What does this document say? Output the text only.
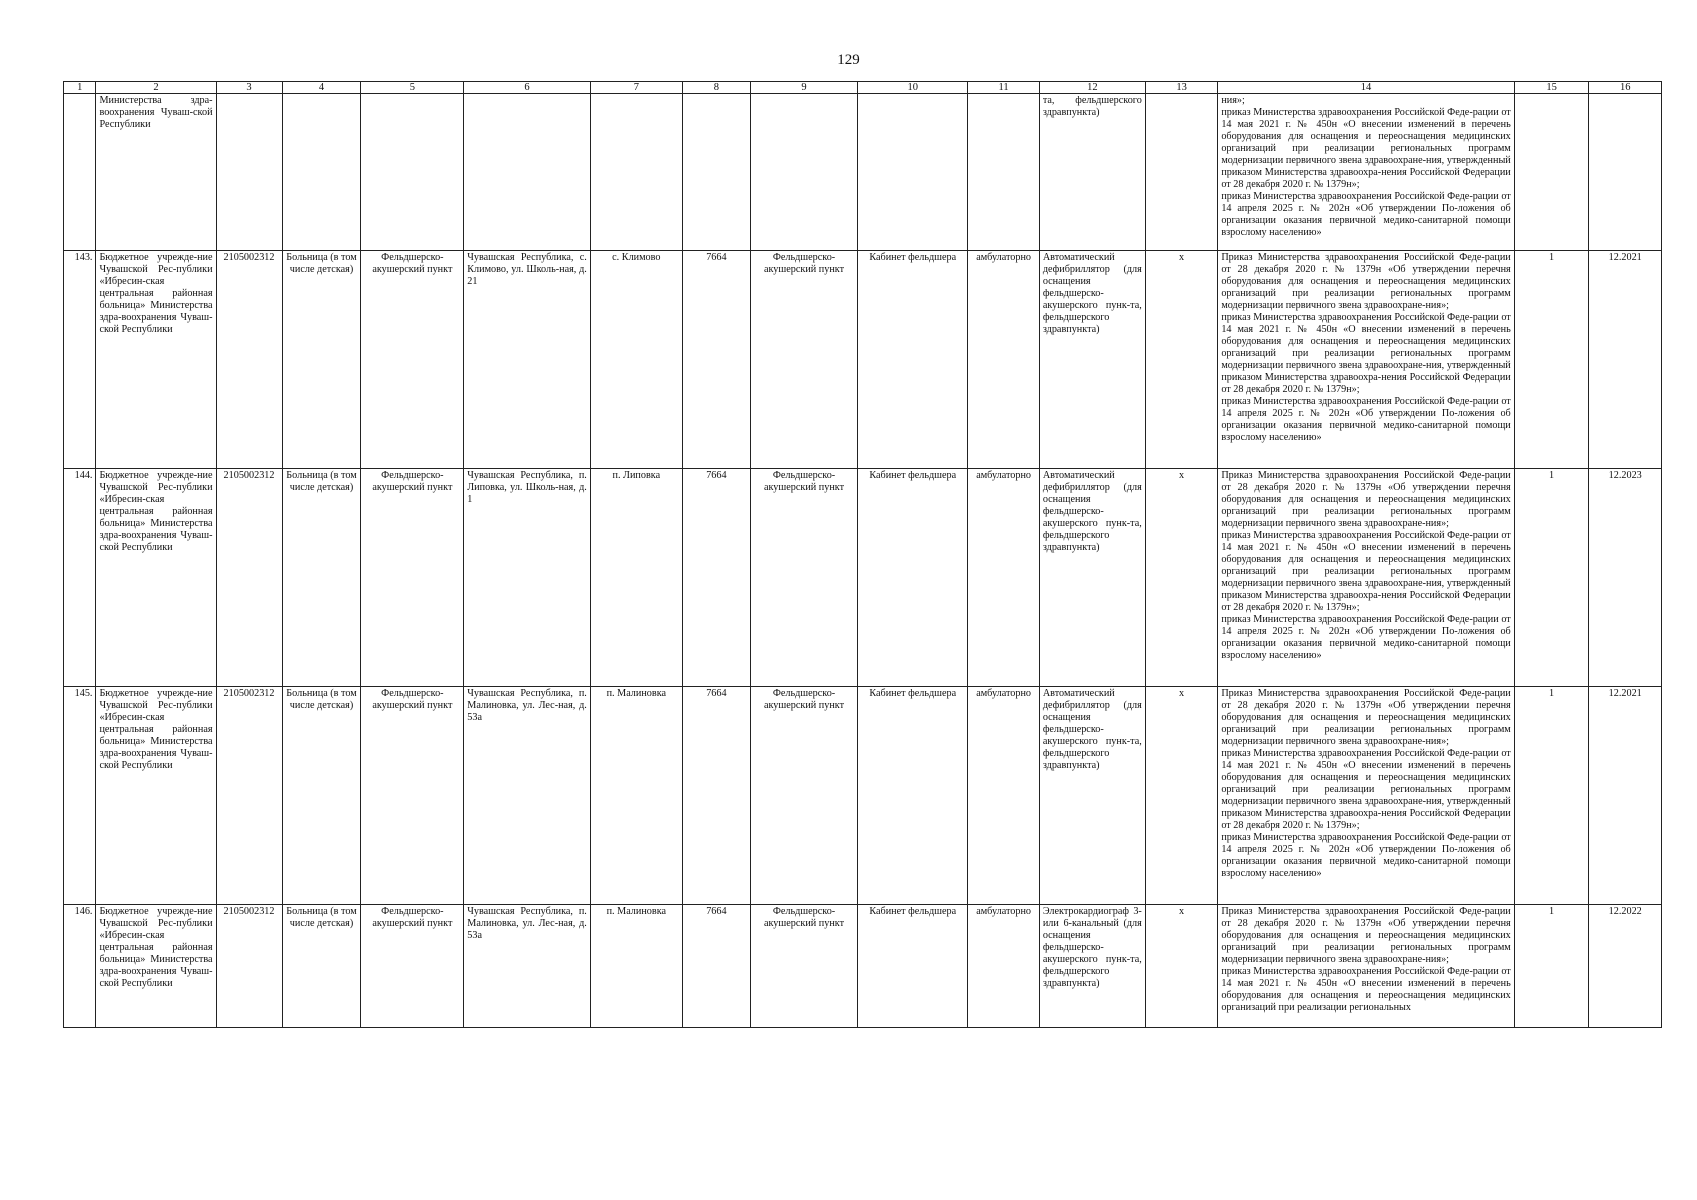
129
1	2	3	4	5	6	7	8	9	10	11	12	13	14	15	16
	Министерства здра-воохранения Чуваш-ской Республики										та, фельдшерского здравпункта)		ния»;
приказ Министерства здравоохранения Российской Феде-рации от 14 мая 2021 г. № 450н «О внесении изменений в перечень оборудования для оснащения и переоснащения медицинских организаций при реализации региональных программ модернизации первичного звена здравоохране-ния, утвержденный приказом Министерства здравоохра-нения Российской Федерации от 28 декабря 2020 г. № 1379н»;
приказ Министерства здравоохранения Российской Феде-рации от 14 апреля 2025 г. № 202н «Об утверждении По-ложения об организации оказания первичной медико-санитарной помощи взрослому населению»		
143.	Бюджетное учрежде-ние Чувашской Рес-публики «Ибресин-ская центральная районная больница» Министерства здра-воохранения Чуваш-ской Республики	2105002312	Больница (в том числе детская)	Фельдшерско-акушерский пункт	Чувашская Республика, с. Климово, ул. Школь-ная, д. 21	с. Климово	7664	Фельдшерско-акушерский пункт	Кабинет фельдшера	амбулаторно	Автоматический дефибриллятор (для оснащения фельдшерско-акушерского пунк-та, фельдшерского здравпункта)	x	Приказ Министерства здравоохранения Российской Феде-рации от 28 декабря 2020 г. № 1379н «Об утверждении перечня оборудования для оснащения и переоснащения медицинских организаций при реализации региональных программ модернизации первичного звена здравоохране-ния»;
приказ Министерства здравоохранения Российской Феде-рации от 14 мая 2021 г. № 450н «О внесении изменений в перечень оборудования для оснащения и переоснащения медицинских организаций при реализации региональных программ модернизации первичного звена здравоохране-ния, утвержденный приказом Министерства здравоохра-нения Российской Федерации от 28 декабря 2020 г. № 1379н»;
приказ Министерства здравоохранения Российской Феде-рации от 14 апреля 2025 г. № 202н «Об утверждении По-ложения об организации оказания первичной медико-санитарной помощи взрослому населению»	1	12.2021
144.	Бюджетное учрежде-ние Чувашской Рес-публики «Ибресин-ская центральная районная больница» Министерства здра-воохранения Чуваш-ской Республики	2105002312	Больница (в том числе детская)	Фельдшерско-акушерский пункт	Чувашская Республика, п. Липовка, ул. Школь-ная, д. 1	п. Липовка	7664	Фельдшерско-акушерский пункт	Кабинет фельдшера	амбулаторно	Автоматический дефибриллятор (для оснащения фельдшерско-акушерского пунк-та, фельдшерского здравпункта)	x	Приказ Министерства здравоохранения Российской Феде-рации от 28 декабря 2020 г. № 1379н «Об утверждении перечня оборудования для оснащения и переоснащения медицинских организаций при реализации региональных программ модернизации первичного звена здравоохране-ния»;
приказ Министерства здравоохранения Российской Феде-рации от 14 мая 2021 г. № 450н «О внесении изменений в перечень оборудования для оснащения и переоснащения медицинских организаций при реализации региональных программ модернизации первичного звена здравоохране-ния, утвержденный приказом Министерства здравоохра-нения Российской Федерации от 28 декабря 2020 г. № 1379н»;
приказ Министерства здравоохранения Российской Феде-рации от 14 апреля 2025 г. № 202н «Об утверждении По-ложения об организации оказания первичной медико-санитарной помощи взрослому населению»	1	12.2023
145.	Бюджетное учрежде-ние Чувашской Рес-публики «Ибресин-ская центральная районная больница» Министерства здра-воохранения Чуваш-ской Республики	2105002312	Больница (в том числе детская)	Фельдшерско-акушерский пункт	Чувашская Республика, п. Малиновка, ул. Лес-ная, д. 53а	п. Малиновка	7664	Фельдшерско-акушерский пункт	Кабинет фельдшера	амбулаторно	Автоматический дефибриллятор (для оснащения фельдшерско-акушерского пунк-та, фельдшерского здравпункта)	x	Приказ Министерства здравоохранения Российской Феде-рации от 28 декабря 2020 г. № 1379н «Об утверждении перечня оборудования для оснащения и переоснащения медицинских организаций при реализации региональных программ модернизации первичного звена здравоохране-ния»;
приказ Министерства здравоохранения Российской Феде-рации от 14 мая 2021 г. № 450н «О внесении изменений в перечень оборудования для оснащения и переоснащения медицинских организаций при реализации региональных программ модернизации первичного звена здравоохране-ния, утвержденный приказом Министерства здравоохра-нения Российской Федерации от 28 декабря 2020 г. № 1379н»;
приказ Министерства здравоохранения Российской Феде-рации от 14 апреля 2025 г. № 202н «Об утверждении По-ложения об организации оказания первичной медико-санитарной помощи взрослому населению»	1	12.2021
146.	Бюджетное учрежде-ние Чувашской Рес-публики «Ибресин-ская центральная районная больница» Министерства здра-воохранения Чуваш-ской Республики	2105002312	Больница (в том числе детская)	Фельдшерско-акушерский пункт	Чувашская Республика, п. Малиновка, ул. Лес-ная, д. 53а	п. Малиновка	7664	Фельдшерско-акушерский пункт	Кабинет фельдшера	амбулаторно	Электрокардиограф 3- или 6-канальный (для оснащения фельдшерско-акушерского пунк-та, фельдшерского здравпункта)	x	Приказ Министерства здравоохранения Российской Феде-рации от 28 декабря 2020 г. № 1379н «Об утверждении перечня оборудования для оснащения и переоснащения медицинских организаций при реализации региональных программ модернизации первичного звена здравоохране-ния»;
приказ Министерства здравоохранения Российской Феде-рации от 14 мая 2021 г. № 450н «О внесении изменений в перечень оборудования для оснащения и переоснащения медицинских организаций при реализации региональных	1	12.2022
